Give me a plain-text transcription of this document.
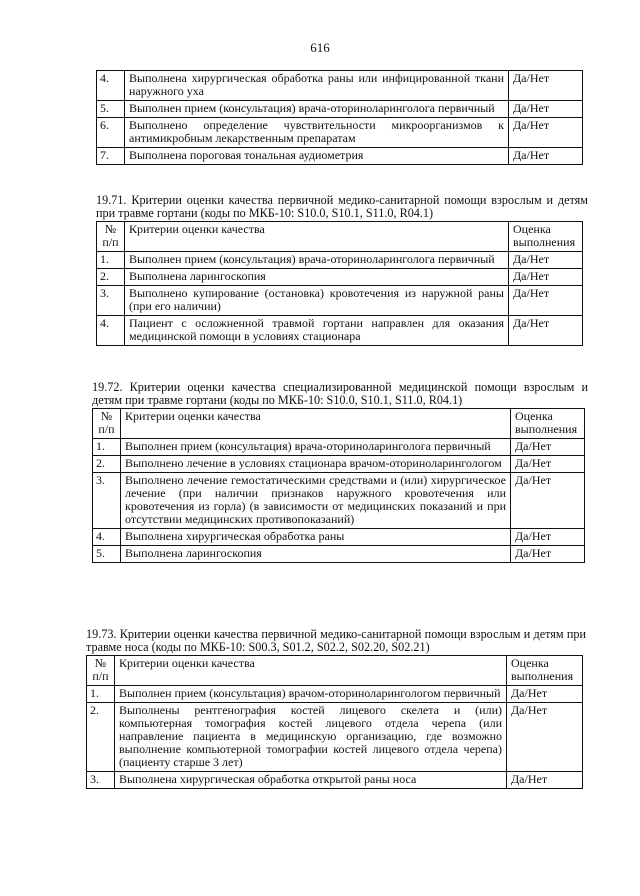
616
4.	Выполнена хирургическая обработка раны или инфицированной ткани наружного уха	Да/Нет
5.	Выполнен прием (консультация) врача-оториноларинголога первичный	Да/Нет
6.	Выполнено определение чувствительности микроорганизмов к антимикробным лекарственным препаратам	Да/Нет
7.	Выполнена пороговая тональная аудиометрия	Да/Нет

19.71. Критерии оценки качества первичной медико-санитарной помощи взрослым и детям при травме гортани (коды по МКБ-10: S10.0, S10.1, S11.0, R04.1)

№ п/п	Критерии оценки качества	Оценка выполнения
1.	Выполнен прием (консультация) врача-оториноларинголога первичный	Да/Нет
2.	Выполнена ларингоскопия	Да/Нет
3.	Выполнено купирование (остановка) кровотечения из наружной раны (при его наличии)	Да/Нет
4.	Пациент с осложненной травмой гортани направлен для оказания медицинской помощи в условиях стационара	Да/Нет

19.72. Критерии оценки качества специализированной медицинской помощи взрослым и детям при травме гортани (коды по МКБ-10: S10.0, S10.1, S11.0, R04.1)

№ п/п	Критерии оценки качества	Оценка выполнения
1.	Выполнен прием (консультация) врача-оториноларинголога первичный	Да/Нет
2.	Выполнено лечение в условиях стационара врачом-оториноларингологом	Да/Нет
3.	Выполнено лечение гемостатическими средствами и (или) хирургическое лечение (при наличии признаков наружного кровотечения или кровотечения из горла) (в зависимости от медицинских показаний и при отсутствии медицинских противопоказаний)	Да/Нет
4.	Выполнена хирургическая обработка раны	Да/Нет
5.	Выполнена ларингоскопия	Да/Нет

19.73. Критерии оценки качества первичной медико-санитарной помощи взрослым и детям при травме носа (коды по МКБ-10: S00.3, S01.2, S02.2, S02.20, S02.21)

№ п/п	Критерии оценки качества	Оценка выполнения
1.	Выполнен прием (консультация) врачом-оториноларингологом первичный	Да/Нет
2.	Выполнены рентгенография костей лицевого скелета и (или) компьютерная томография костей лицевого отдела черепа (или направление пациента в медицинскую организацию, где возможно выполнение компьютерной томографии костей лицевого отдела черепа) (пациенту старше 3 лет)	Да/Нет
3.	Выполнена хирургическая обработка открытой раны носа	Да/Нет
